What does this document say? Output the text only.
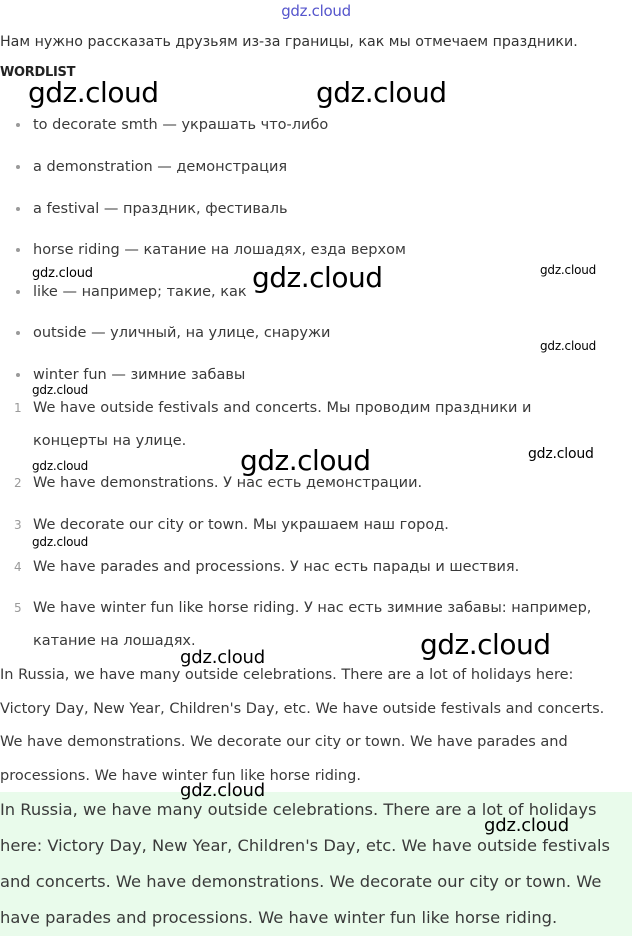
gdz.cloud
Нам нужно рассказать друзьям из-за границы, как мы отмечаем праздники.
WORDLIST
to decorate smth — украшать что-либо
a demonstration — демонстрация
a festival — праздник, фестиваль
horse riding — катание на лошадях, езда верхом
like — например; такие, как
outside — уличный, на улице, снаружи
winter fun — зимние забавы
1 We have outside festivals and concerts. Мы проводим праздники и концерты на улице.
2 We have demonstrations. У нас есть демонстрации.
3 We decorate our city or town. Мы украшаем наш город.
4 We have parades and processions. У нас есть парады и шествия.
5 We have winter fun like horse riding. У нас есть зимние забавы: например, катание на лошадях.
In Russia, we have many outside celebrations. There are a lot of holidays here: Victory Day, New Year, Children's Day, etc. We have outside festivals and concerts. We have demonstrations. We decorate our city or town. We have parades and processions. We have winter fun like horse riding.
In Russia, we have many outside celebrations. There are a lot of holidays here: Victory Day, New Year, Children's Day, etc. We have outside festivals and concerts. We have demonstrations. We decorate our city or town. We have parades and processions. We have winter fun like horse riding.
gdz.cloud	gdz.cloud
gdz.cloud	gdz.cloud	gdz.cloud
gdz.cloud
gdz.cloud
gdz.cloud	gdz.cloud	gdz.cloud
gdz.cloud
gdz.cloud
gdz.cloud
gdz.cloud
gdz.cloud
